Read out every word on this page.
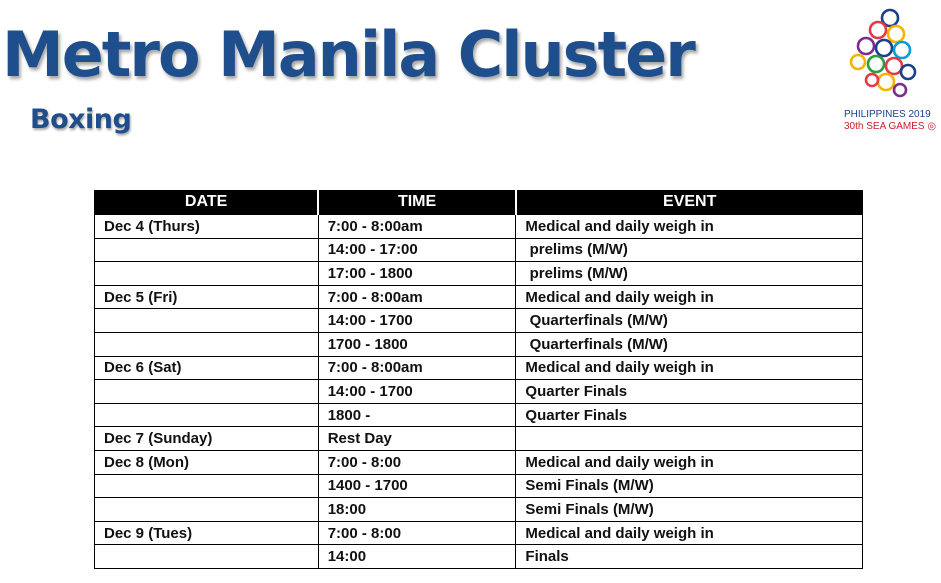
Metro Manila Cluster
Boxing	PHILIPPINES 2019
30th SEA GAMES ◎
DATE	TIME	EVENT
Dec 4 (Thurs)	7:00 - 8:00am	Medical and daily weigh in
	14:00 - 17:00	prelims (M/W)
	17:00 - 1800	prelims (M/W)
Dec 5 (Fri)	7:00 - 8:00am	Medical and daily weigh in
	14:00 - 1700	Quarterfinals (M/W)
	1700 - 1800	Quarterfinals (M/W)
Dec 6 (Sat)	7:00 - 8:00am	Medical and daily weigh in
	14:00 - 1700	Quarter Finals
	1800 -	Quarter Finals
Dec 7 (Sunday)	Rest Day	
Dec 8 (Mon)	7:00 - 8:00	Medical and daily weigh in
	1400 - 1700	Semi Finals (M/W)
	18:00	Semi Finals (M/W)
Dec 9 (Tues)	7:00 - 8:00	Medical and daily weigh in
	14:00	Finals
